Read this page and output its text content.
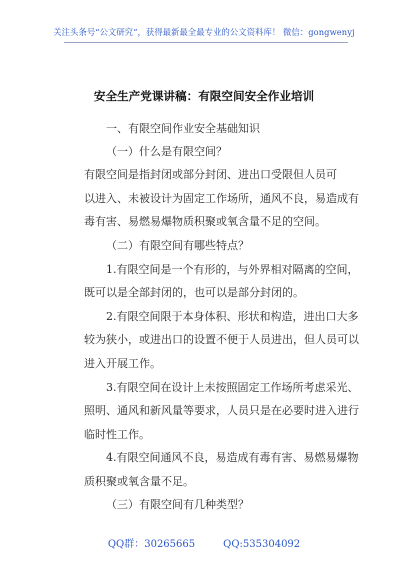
关注头条号“公文研究”，获得最新最全最专业的公文资料库！ 微信：gongwenyj
安全生产党课讲稿：有限空间安全作业培训
一、有限空间作业安全基础知识
（一）什么是有限空间？
有限空间是指封闭或部分封闭、进出口受限但人员可
以进入、未被设计为固定工作场所，通风不良，易造成有
毒有害、易燃易爆物质积聚或氧含量不足的空间。
（二）有限空间有哪些特点？
1.有限空间是一个有形的，与外界相对隔离的空间，
既可以是全部封闭的，也可以是部分封闭的。
2.有限空间限于本身体积、形状和构造，进出口大多
较为狭小，或进出口的设置不便于人员进出，但人员可以
进入开展工作。
3.有限空间在设计上未按照固定工作场所考虑采光、
照明、通风和新风量等要求，人员只是在必要时进入进行
临时性工作。
4.有限空间通风不良，易造成有毒有害、易燃易爆物
质积聚或氧含量不足。
（三）有限空间有几种类型？
QQ群：30265665	QQ:535304092
